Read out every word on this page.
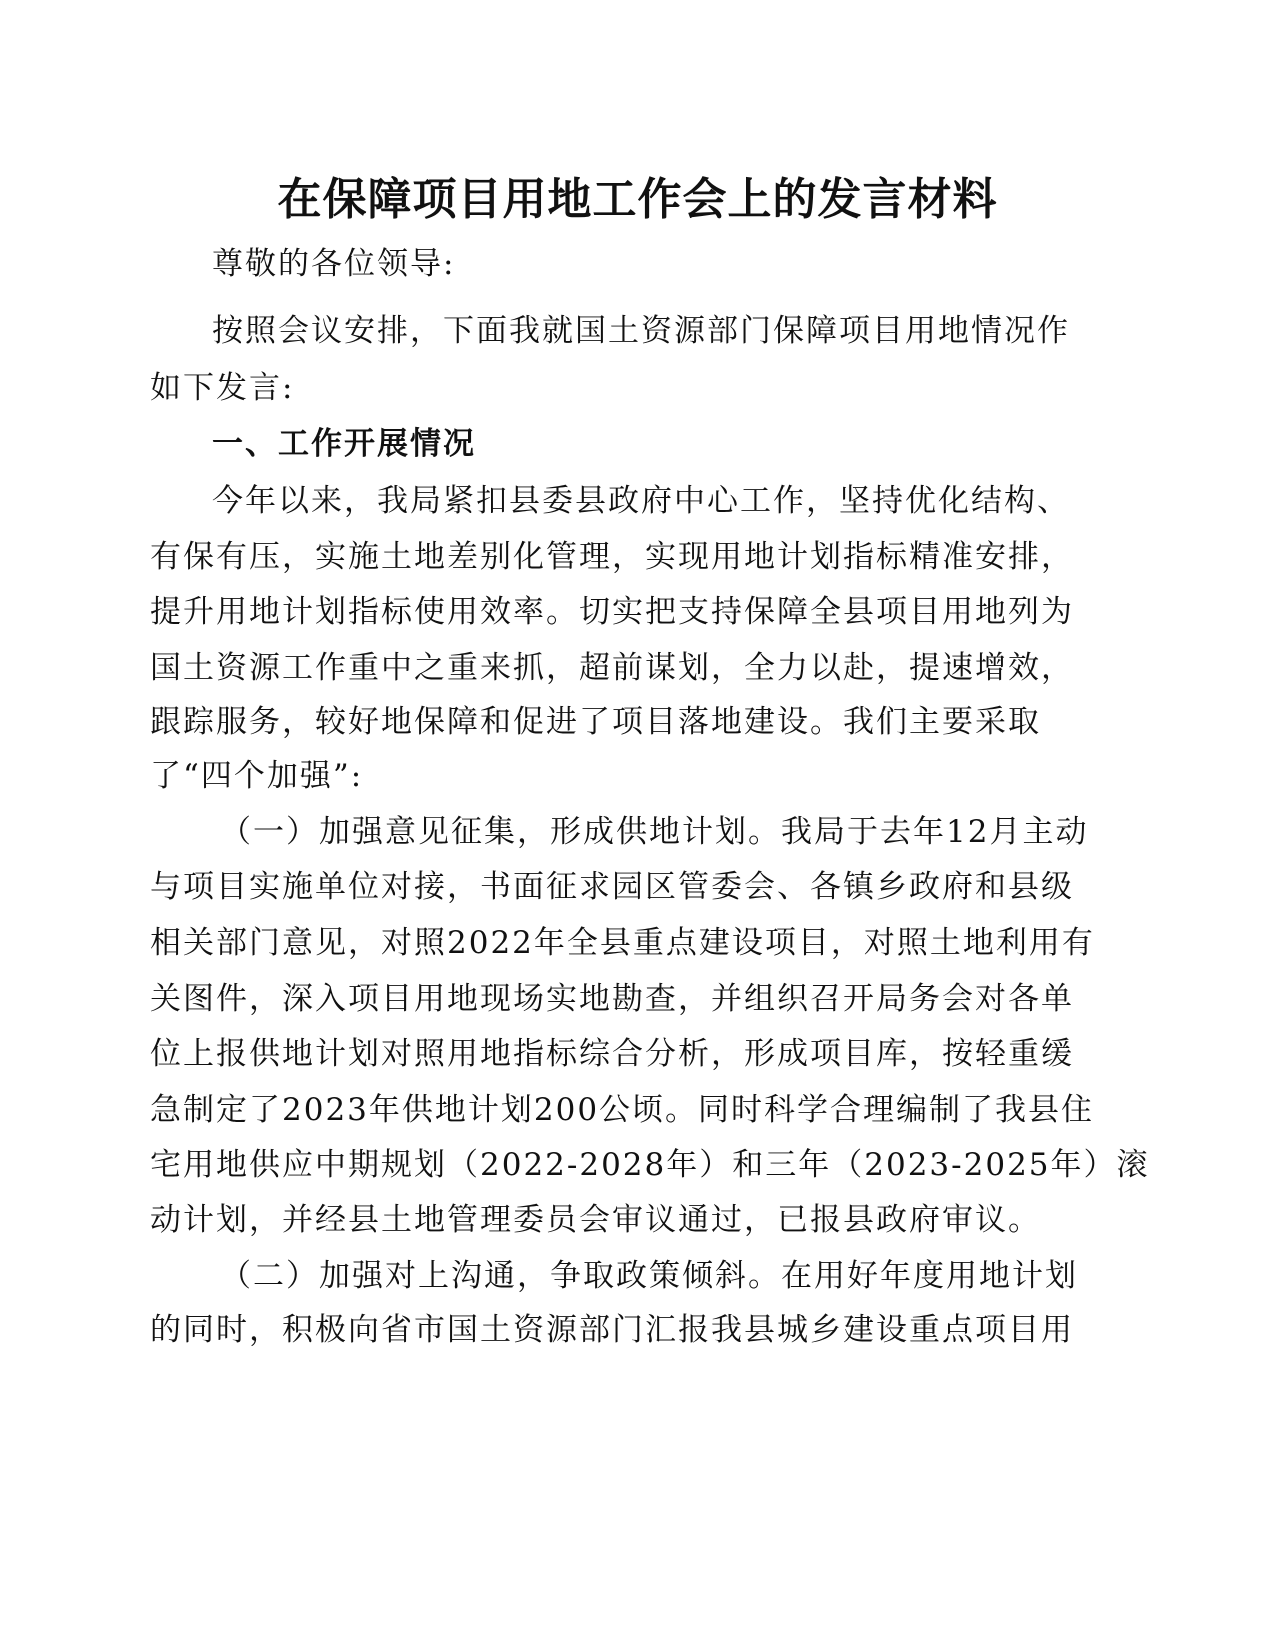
在保障项目用地工作会上的发言材料
尊敬的各位领导:
按照会议安排，下面我就国土资源部门保障项目用地情况作
如下发言:
一、工作开展情况
今年以来，我局紧扣县委县政府中心工作，坚持优化结构、
有保有压，实施土地差别化管理，实现用地计划指标精准安排，
提升用地计划指标使用效率。切实把支持保障全县项目用地列为
国土资源工作重中之重来抓，超前谋划，全力以赴，提速增效，
跟踪服务，较好地保障和促进了项目落地建设。我们主要采取
了“四个加强”:
（一）加强意见征集，形成供地计划。我局于去年12月主动
与项目实施单位对接，书面征求园区管委会、各镇乡政府和县级
相关部门意见，对照2022年全县重点建设项目，对照土地利用有
关图件，深入项目用地现场实地勘查，并组织召开局务会对各单
位上报供地计划对照用地指标综合分析，形成项目库，按轻重缓
急制定了2023年供地计划200公顷。同时科学合理编制了我县住
宅用地供应中期规划（2022-2028年）和三年（2023-2025年）滚
动计划，并经县土地管理委员会审议通过，已报县政府审议。
（二）加强对上沟通，争取政策倾斜。在用好年度用地计划
的同时，积极向省市国土资源部门汇报我县城乡建设重点项目用
